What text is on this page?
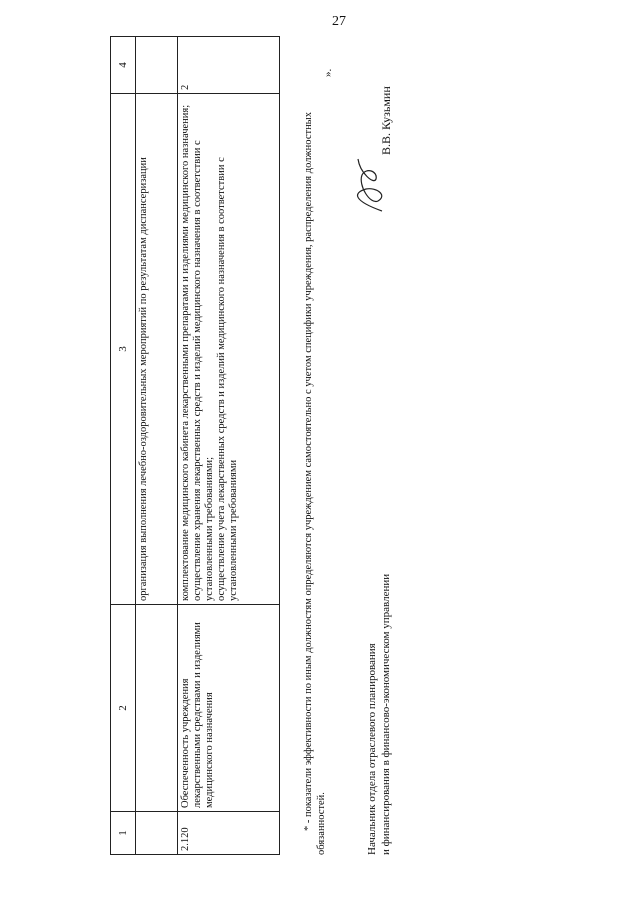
27
1	2	3	4
		организация выполнения лечебно-оздоровительных мероприятий по результатам диспансеризации	
2.120	Обеспеченность учреждения лекарственными средствами и изделиями медицинского назначения	комплектование медицинского кабинета лекарственными препаратами и изделиями медицинского назначения; осуществление хранения лекарственных средств и изделий медицинского назначения в соответствии с установленными требованиями; осуществление учета лекарственных средств и изделий медицинского назначения в соответствии с установленными требованиями	2
* - показатели эффективности по иным должностям определяются учреждением самостоятельно с учетом специфики учреждения, распределения должностных обязанностей.
».
Начальник отдела отраслевого планирования и финансирования в финансово-экономическом управлении
В.В. Кузьмин
